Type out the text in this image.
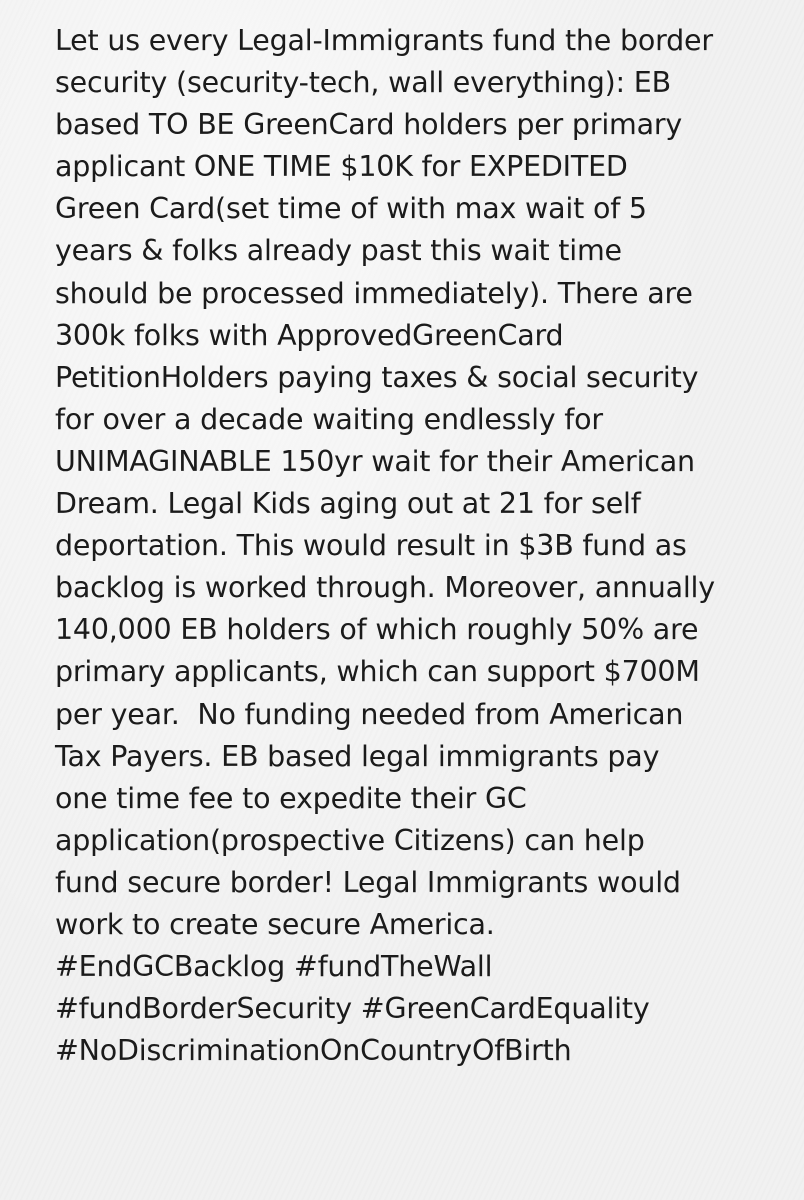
Let us every Legal-Immigrants fund the border
security (security-tech, wall everything): EB
based TO BE GreenCard holders per primary
applicant ONE TIME $10K for EXPEDITED
Green Card(set time of with max wait of 5
years & folks already past this wait time
should be processed immediately). There are
300k folks with ApprovedGreenCard
PetitionHolders paying taxes & social security
for over a decade waiting endlessly for
UNIMAGINABLE 150yr wait for their American
Dream. Legal Kids aging out at 21 for self
deportation. This would result in $3B fund as
backlog is worked through. Moreover, annually
140,000 EB holders of which roughly 50% are
primary applicants, which can support $700M
per year.  No funding needed from American
Tax Payers. EB based legal immigrants pay
one time fee to expedite their GC
application(prospective Citizens) can help
fund secure border! Legal Immigrants would
work to create secure America.
#EndGCBacklog #fundTheWall
#fundBorderSecurity #GreenCardEquality
#NoDiscriminationOnCountryOfBirth
